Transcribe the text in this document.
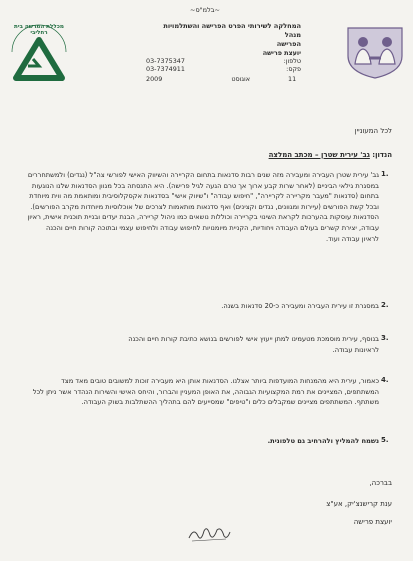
~בלמ"ס~
מכללת המרשה בית רחליבי
המחלקה לשירותי הפרט הפרישה והשתלמויות
מנהל
הפרישה
יועצת פרישה
טלפון:
03-7375347
פקס:
03-7374911
11
אוגוסט
2009
לכל המעוניין
הנדון: גב' עירית שטרן – מכתב המלצה
1.
גב' עירית שטרן העבירה ומעבירה מזה שנים רבות סדנאות בתחום הקריירה והשיווק האישי לפורשי צה"ל (נגדים) ולמשתחררים במסגרת גילאי הביניים (לאחר שרות קבע ארוך אך טרם הגעה לגיל פרישה). היא התנסתה בכל מגוון הסדנאות שלנו הנוגעות בתחום (סדנאות "מעבר מקריירה לקריירה", "חיפוש עבודה" ו"שיווק אישי" בסדנאות אקסקלוסיבית ומותאמת מה ווית מיוחדת ובכל קשת הפורשים (עיירות ומגוונים, נגדים וקצינים) ואף סדנאות מותאמות לצרכים של אוכלוסיות מיוחדות מקרב הפורשים). הסדנאות עוסקות בהערכות לקראת השינוי בקריירה וכוללות נושאים כמו ניהול קריירה, הבנת יעדים ובניית תוכנית אישית, ראיון עבודה, יצירת קשרים בעולם העבודה ויחודיות, הקניית מיומנויות לחיפוש עבודה ולחיפוש עצמי ובתוכה קורות חיים והכנה לראיון עבודה ועוד.
2.
במסגרת זו עירית העבירה ומעבירה כ-20 סדנאות בשנה.
3.
בנוסף, עירית מוסמכת מטעמינו למתן ייעוץ אישי לפורשים בנושא כתיבת קורות חיים והכנה לראיונות עבודה.
4.
כאמור, עירית היא מהמנחות המועדפות ביותר אצלנו. הסדנאות אותן היא מעבירה זוכות למשובים טובים מאד מצד המשתתפים, המציינים את רמת המקצועיות הגבוהה, את האופן המעניין והברור, והיחס האישי והשירות הנהדר אשר ניתן לכל משתתף. המשתתפים מציינים שמקבלים כלים ו"טיפים" שמסייעים להם בתהליך ההשתלבות בשוק העבודה.
5.
נשמח להמליץ ולהרחיב גם טלפונית.
בברכה,
ענת קרישנצ'יק, אע"צ
יועצת פרישה
